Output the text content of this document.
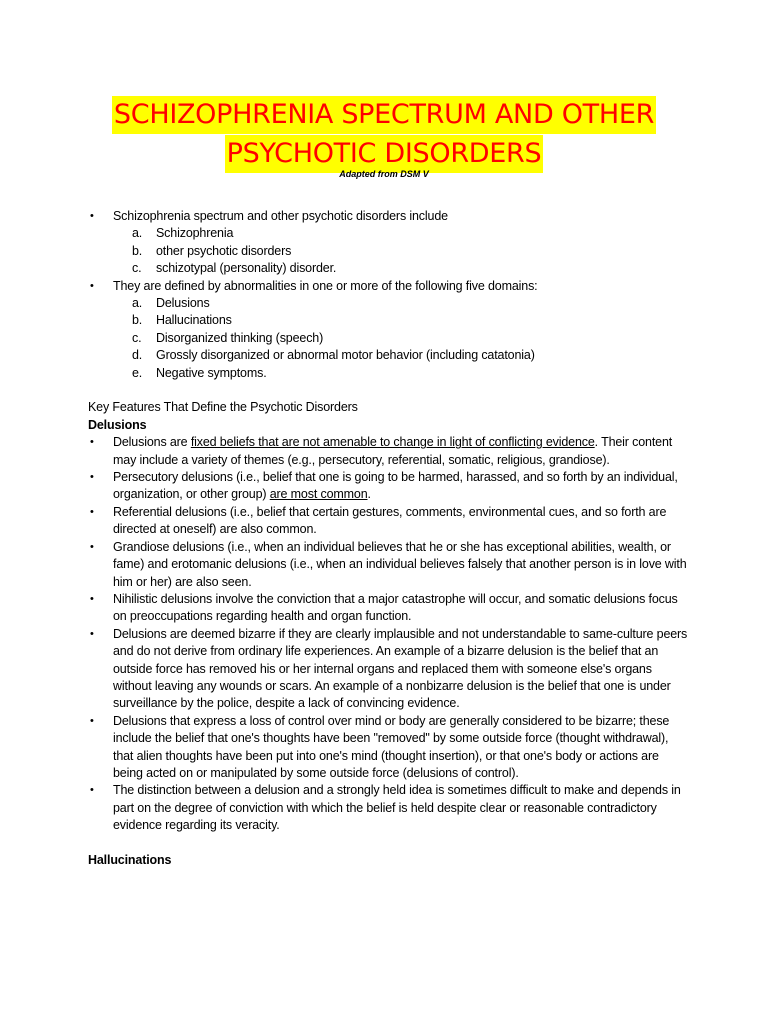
SCHIZOPHRENIA SPECTRUM AND OTHER
PSYCHOTIC DISORDERS
Adapted from DSM V
• Schizophrenia spectrum and other psychotic disorders include
a. Schizophrenia
b. other psychotic disorders
c. schizotypal (personality) disorder.
• They are defined by abnormalities in one or more of the following five domains:
a. Delusions
b. Hallucinations
c. Disorganized thinking (speech)
d. Grossly disorganized or abnormal motor behavior (including catatonia)
e. Negative symptoms.
Key Features That Define the Psychotic Disorders
Delusions
• Delusions are fixed beliefs that are not amenable to change in light of conflicting evidence. Their content may include a variety of themes (e.g., persecutory, referential, somatic, religious, grandiose).
• Persecutory delusions (i.e., belief that one is going to be harmed, harassed, and so forth by an individual, organization, or other group) are most common.
• Referential delusions (i.e., belief that certain gestures, comments, environmental cues, and so forth are directed at oneself) are also common.
• Grandiose delusions (i.e., when an individual believes that he or she has exceptional abilities, wealth, or fame) and erotomanic delusions (i.e., when an individual believes falsely that another person is in love with him or her) are also seen.
• Nihilistic delusions involve the conviction that a major catastrophe will occur, and somatic delusions focus on preoccupations regarding health and organ function.
• Delusions are deemed bizarre if they are clearly implausible and not understandable to same-culture peers and do not derive from ordinary life experiences. An example of a bizarre delusion is the belief that an outside force has removed his or her internal organs and replaced them with someone else's organs without leaving any wounds or scars. An example of a nonbizarre delusion is the belief that one is under surveillance by the police, despite a lack of convincing evidence.
• Delusions that express a loss of control over mind or body are generally considered to be bizarre; these include the belief that one's thoughts have been "removed" by some outside force (thought withdrawal), that alien thoughts have been put into one's mind (thought insertion), or that one's body or actions are being acted on or manipulated by some outside force (delusions of control).
• The distinction between a delusion and a strongly held idea is sometimes difficult to make and depends in part on the degree of conviction with which the belief is held despite clear or reasonable contradictory evidence regarding its veracity.
Hallucinations
